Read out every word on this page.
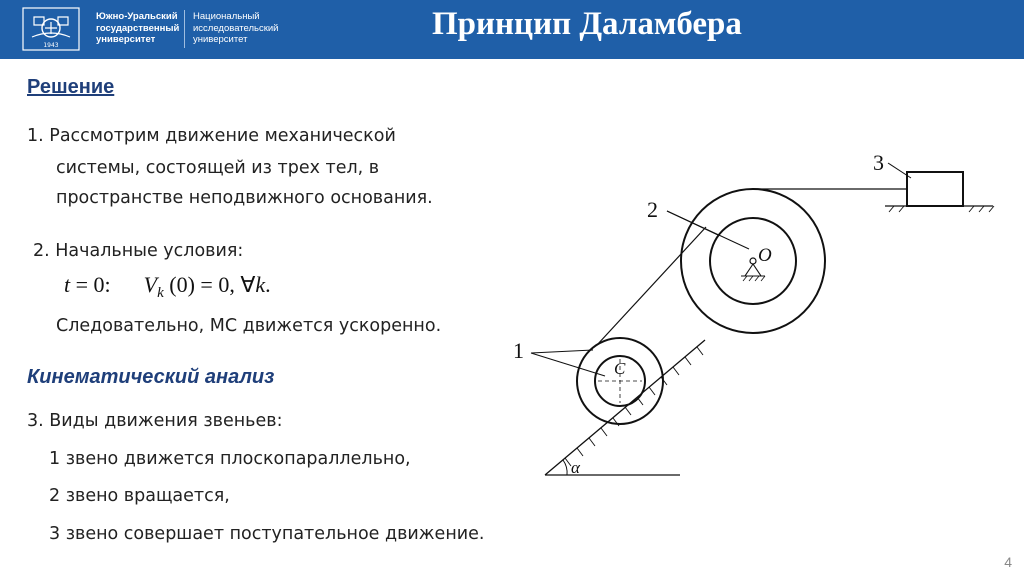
1943
Южно-Уральский
государственный
университет
Национальный
исследовательский
университет	Принцип Даламбера
Решение
1. Рассмотрим движение механической
системы, состоящей из трех тел, в
пространстве неподвижного основания.
2. Начальные условия:
t = 0: $V_k$ (0) = 0, ∀k.
Следовательно, МС движется ускоренно.
Кинематический анализ
3. Виды движения звеньев:
1 звено движется плоскопараллельно,
2 звено вращается,
3 звено совершает поступательное движение.
α
C
O
1
2
3
4
